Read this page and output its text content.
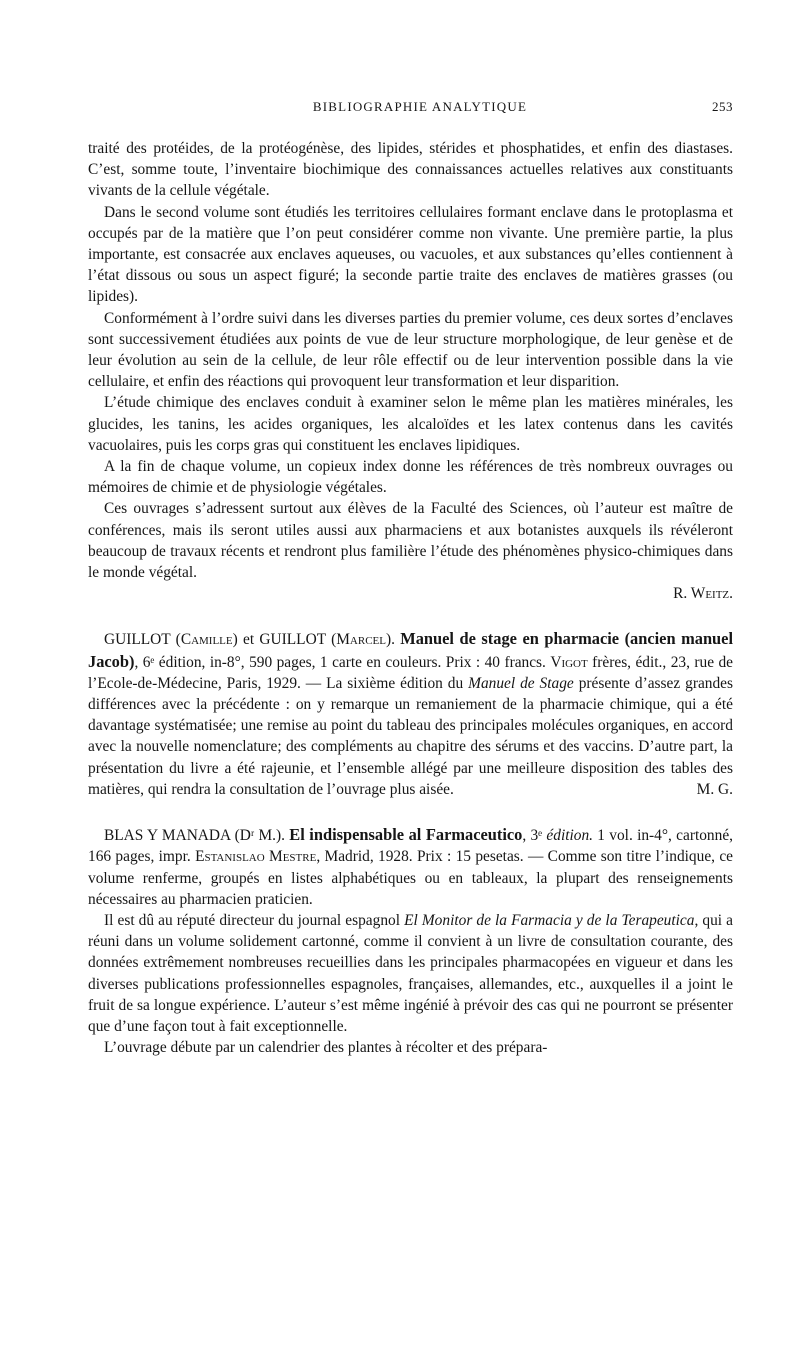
BIBLIOGRAPHIE ANALYTIQUE	253

traité des protéides, de la protéogénèse, des lipides, stérides et phosphatides, et enfin des diastases. C’est, somme toute, l’inventaire biochimique des connaissances actuelles relatives aux constituants vivants de la cellule végétale.

Dans le second volume sont étudiés les territoires cellulaires formant enclave dans le protoplasma et occupés par de la matière que l’on peut considérer comme non vivante. Une première partie, la plus importante, est consacrée aux enclaves aqueuses, ou vacuoles, et aux substances qu’elles contiennent à l’état dissous ou sous un aspect figuré; la seconde partie traite des enclaves de matières grasses (ou lipides).

Conformément à l’ordre suivi dans les diverses parties du premier volume, ces deux sortes d’enclaves sont successivement étudiées aux points de vue de leur structure morphologique, de leur genèse et de leur évolution au sein de la cellule, de leur rôle effectif ou de leur intervention possible dans la vie cellulaire, et enfin des réactions qui provoquent leur transformation et leur disparition.

L’étude chimique des enclaves conduit à examiner selon le même plan les matières minérales, les glucides, les tanins, les acides organiques, les alcaloïdes et les latex contenus dans les cavités vacuolaires, puis les corps gras qui constituent les enclaves lipidiques.

A la fin de chaque volume, un copieux index donne les références de très nombreux ouvrages ou mémoires de chimie et de physiologie végétales.

Ces ouvrages s’adressent surtout aux élèves de la Faculté des Sciences, où l’auteur est maître de conférences, mais ils seront utiles aussi aux pharmaciens et aux botanistes auxquels ils révéleront beaucoup de travaux récents et rendront plus familière l’étude des phénomènes physico-chimiques dans le monde végétal.

R. Weitz.

GUILLOT (Camille) et GUILLOT (Marcel). Manuel de stage en pharmacie (ancien manuel Jacob), 6ᵉ édition, in-8°, 590 pages, 1 carte en couleurs. Prix : 40 francs. Vigot frères, édit., 23, rue de l’Ecole-de-Médecine, Paris, 1929. — La sixième édition du Manuel de Stage présente d’assez grandes différences avec la précédente : on y remarque un remaniement de la pharmacie chimique, qui a été davantage systématisée; une remise au point du tableau des principales molécules organiques, en accord avec la nouvelle nomenclature; des compléments au chapitre des sérums et des vaccins. D’autre part, la présentation du livre a été rajeunie, et l’ensemble allégé par une meilleure disposition des tables des matières, qui rendra la consultation de l’ouvrage plus aisée.	M. G.

BLAS Y MANADA (Dʳ M.). El indispensable al Farmaceutico, 3ᵉ édition. 1 vol. in-4°, cartonné, 166 pages, impr. Estanislao Mestre, Madrid, 1928. Prix : 15 pesetas. — Comme son titre l’indique, ce volume renferme, groupés en listes alphabétiques ou en tableaux, la plupart des renseignements nécessaires au pharmacien praticien.

Il est dû au réputé directeur du journal espagnol El Monitor de la Farmacia y de la Terapeutica, qui a réuni dans un volume solidement cartonné, comme il convient à un livre de consultation courante, des données extrêmement nombreuses recueillies dans les principales pharmacopées en vigueur et dans les diverses publications professionnelles espagnoles, françaises, allemandes, etc., auxquelles il a joint le fruit de sa longue expérience. L’auteur s’est même ingénié à prévoir des cas qui ne pourront se présenter que d’une façon tout à fait exceptionnelle.

L’ouvrage débute par un calendrier des plantes à récolter et des prépara-
